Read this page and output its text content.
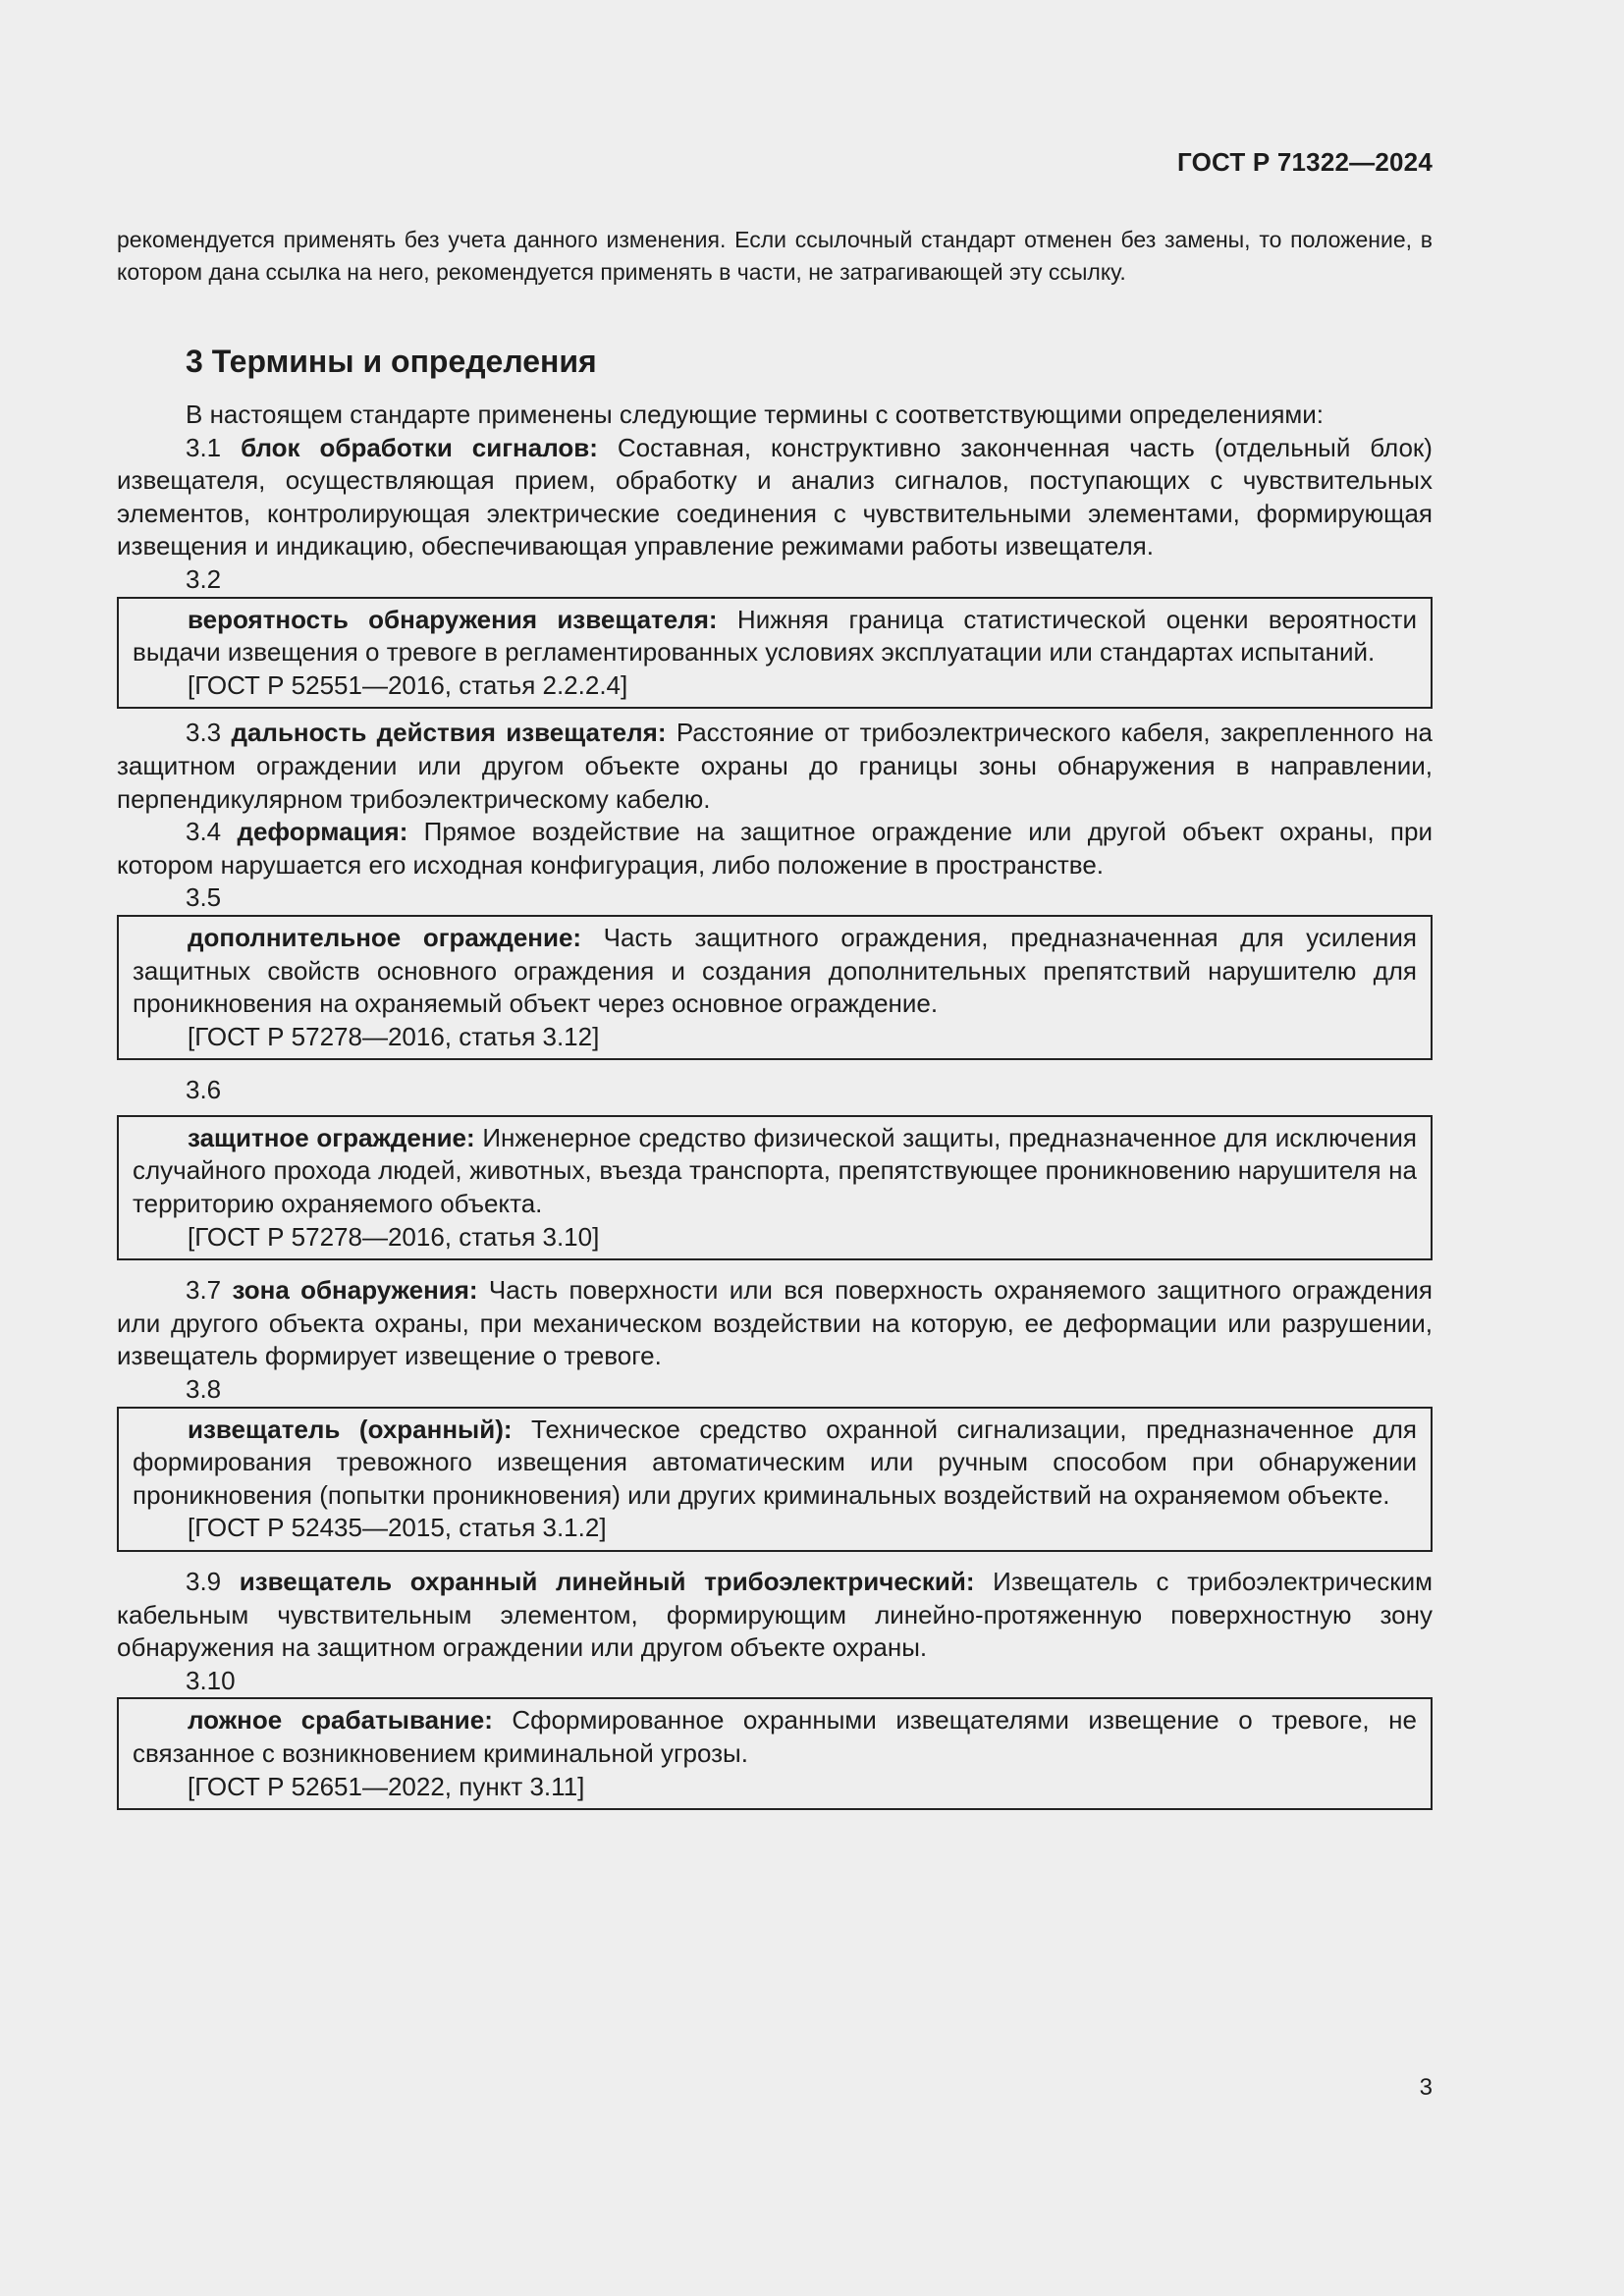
ГОСТ Р 71322—2024
рекомендуется применять без учета данного изменения. Если ссылочный стандарт отменен без замены, то положение, в котором дана ссылка на него, рекомендуется применять в части, не затрагивающей эту ссылку.
3 Термины и определения

В настоящем стандарте применены следующие термины с соответствующими определениями:

3.1 блок обработки сигналов: Составная, конструктивно законченная часть (отдельный блок) извещателя, осуществляющая прием, обработку и анализ сигналов, поступающих с чувствительных элементов, контролирующая электрические соединения с чувствительными элементами, формирующая извещения и индикацию, обеспечивающая управление режимами работы извещателя.

3.2

вероятность обнаружения извещателя: Нижняя граница статистической оценки вероятности выдачи извещения о тревоге в регламентированных условиях эксплуатации или стандартах испытаний.

[ГОСТ Р 52551—2016, статья 2.2.2.4]

3.3 дальность действия извещателя: Расстояние от трибоэлектрического кабеля, закрепленного на защитном ограждении или другом объекте охраны до границы зоны обнаружения в направлении, перпендикулярном трибоэлектрическому кабелю.

3.4 деформация: Прямое воздействие на защитное ограждение или другой объект охраны, при котором нарушается его исходная конфигурация, либо положение в пространстве.

3.5

дополнительное ограждение: Часть защитного ограждения, предназначенная для усиления защитных свойств основного ограждения и создания дополнительных препятствий нарушителю для проникновения на охраняемый объект через основное ограждение.

[ГОСТ Р 57278—2016, статья 3.12]

3.6

защитное ограждение: Инженерное средство физической защиты, предназначенное для исключения случайного прохода людей, животных, въезда транспорта, препятствующее проникновению нарушителя на территорию охраняемого объекта.

[ГОСТ Р 57278—2016, статья 3.10]

3.7 зона обнаружения: Часть поверхности или вся поверхность охраняемого защитного ограждения или другого объекта охраны, при механическом воздействии на которую, ее деформации или разрушении, извещатель формирует извещение о тревоге.

3.8

извещатель (охранный): Техническое средство охранной сигнализации, предназначенное для формирования тревожного извещения автоматическим или ручным способом при обнаружении проникновения (попытки проникновения) или других криминальных воздействий на охраняемом объекте.

[ГОСТ Р 52435—2015, статья 3.1.2]

3.9 извещатель охранный линейный трибоэлектрический: Извещатель с трибоэлектрическим кабельным чувствительным элементом, формирующим линейно-протяженную поверхностную зону обнаружения на защитном ограждении или другом объекте охраны.

3.10

ложное срабатывание: Сформированное охранными извещателями извещение о тревоге, не связанное с возникновением криминальной угрозы.

[ГОСТ Р 52651—2022, пункт 3.11]

3
